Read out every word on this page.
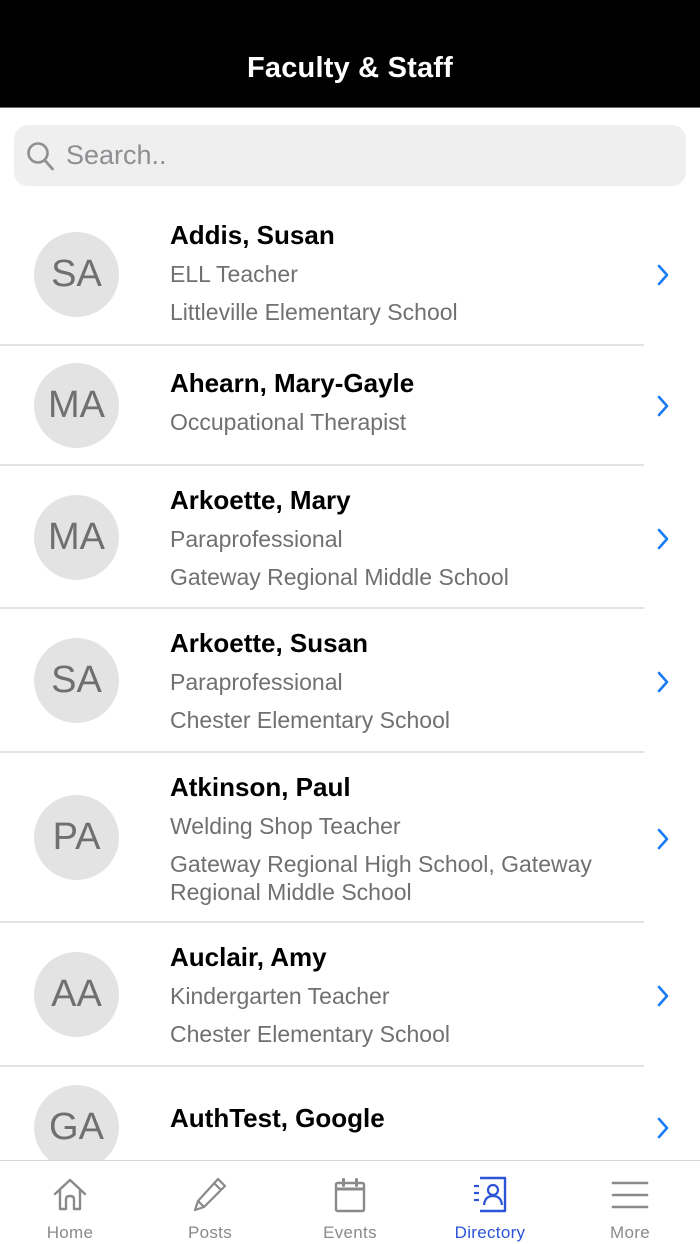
Faculty & Staff
Search..
SA
Addis, Susan
ELL Teacher
Littleville Elementary School
MA
Ahearn, Mary-Gayle
Occupational Therapist
MA
Arkoette, Mary
Paraprofessional
Gateway Regional Middle School
SA
Arkoette, Susan
Paraprofessional
Chester Elementary School
PA
Atkinson, Paul
Welding Shop Teacher
Gateway Regional High School, Gateway Regional Middle School
AA
Auclair, Amy
Kindergarten Teacher
Chester Elementary School
GA	AuthTest, Google
Home	Posts	Events	Directory	More
